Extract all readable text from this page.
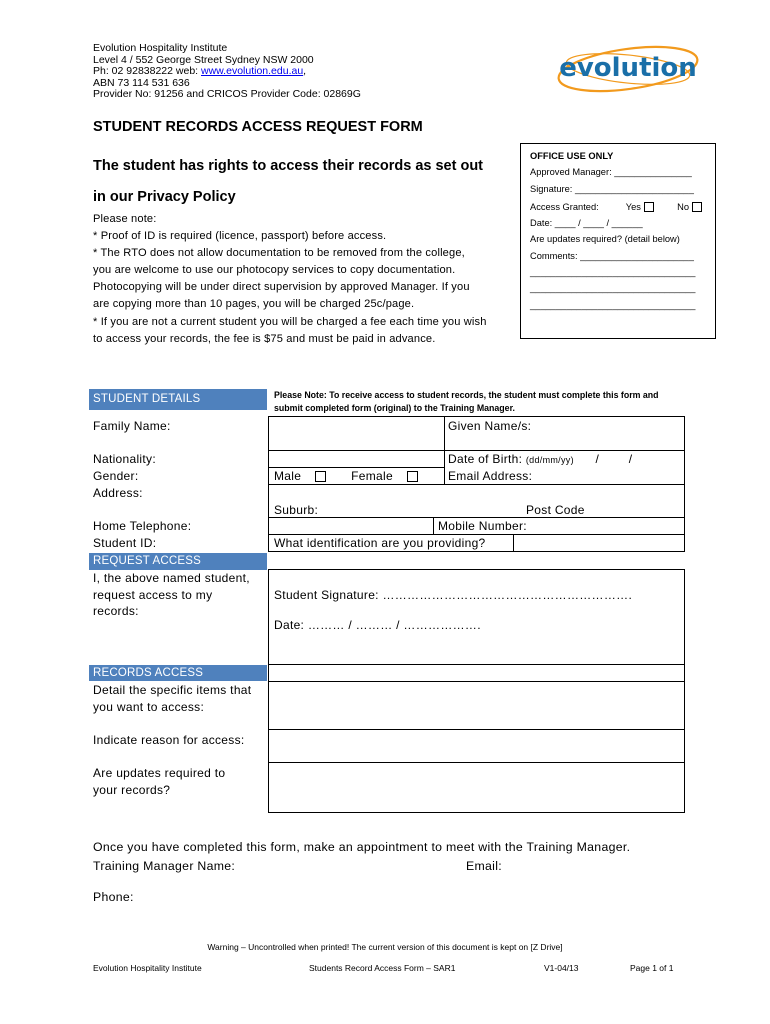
Evolution Hospitality Institute
Level 4 / 552 George Street Sydney NSW 2000
Ph: 02 92838222 web: www.evolution.edu.au,
ABN 73 114 531 636
Provider No: 91256 and CRICOS Provider Code: 02869G
evolution
STUDENT RECORDS ACCESS REQUEST FORM
The student has rights to access their records as set out
in our Privacy Policy
Please note:
* Proof of ID is required (licence, passport) before access.
* The RTO does not allow documentation to be removed from the college,
you are welcome to use our photocopy services to copy documentation.
Photocopying will be under direct supervision by approved Manager. If you
are copying more than 10 pages, you will be charged 25c/page.
* If you are not a current student you will be charged a fee each time you wish
to access your records, the fee is $75 and must be paid in advance.
OFFICE USE ONLY
Approved Manager: _______________
Signature: _______________________
Access Granted:	Yes	No
Date: ____ / ____ / ______
Are updates required? (detail below)
Comments: ______________________
________________________________
________________________________
________________________________
Please Note: To receive access to student records, the student must complete this form and submit completed form (original) to the Training Manager.
STUDENT DETAILS
Family Name:	Given Name/s:
Nationality:	Date of Birth: (dd/mm/yy) / /
Gender:	Male	Female	Email Address:
Address:
Suburb:	Post Code
Home Telephone:	Mobile Number:
Student ID:	What identification are you providing?
REQUEST ACCESS
I, the above named student,
request access to my
records:
Student Signature: …………………………………………………….
Date: ……… / ……… / ……………….
RECORDS ACCESS
Detail the specific items that
you want to access:
Indicate reason for access:
Are updates required to
your records?
Once you have completed this form, make an appointment to meet with the Training Manager.
Training Manager Name:	Email:
Phone:
Warning – Uncontrolled when printed! The current version of this document is kept on [Z Drive]
Evolution Hospitality Institute	Students Record Access Form – SAR1	V1-04/13	Page 1 of 1
